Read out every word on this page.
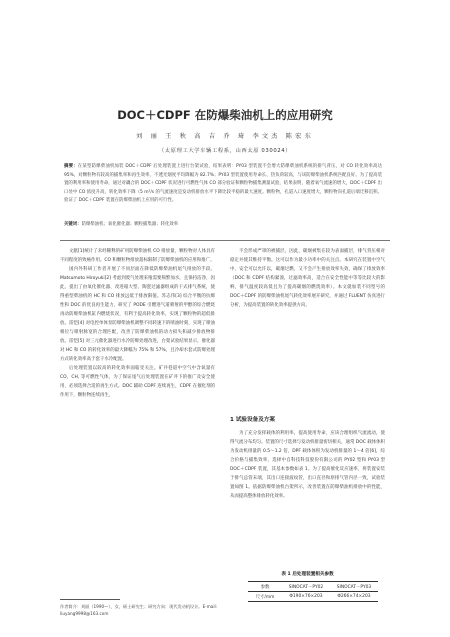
DOC＋CDPF 在防爆柴油机上的应用研究
刘 丽 王 秋 高 吉 乔 琦 李文杰 陈宏东
（太原理工大学车辆工程系，山西太原 030024）
摘要：在某型防爆柴油机加装 DOC＋CDPF 后处理装置上进行台架试验，结果表明：PY03 型装置不会增大防爆柴油机系统的排气背压，对 CO 转化效率高达 95%，对颗粒物有较高的捕集率和再生效率，不透光烟度平均降幅为 82.7%；PY03 型装置使用寿命长、热负荷较高，与该防爆柴油机系统匹配良好。为了提高装置的利用率和使用寿命，通过对耦合的 DOC＋CDPF 状况进行可燃性气体 CO 部分验证和颗粒物捕集测量试验，结果表明，随着氧气流速的增大，DOC＋CDPF 出口处中 CO 浓度升高，转化效率下降（5 m³/s 的气流速度是发动机排放水平下降比较平稳的最大速度。颗粒物，孔道入口速度增大，颗粒物向孔道后端迁移沉积。验证了 DOC＋CDPF 装置在防爆柴油机上应用的可行性。
关键词：防爆柴油机；氧化催化器；颗粒捕集器；转化效率

文献[1]统计了未经稀释的矿用防爆柴油机 CO 排放量，颗粒物对人体具有不同程度的致癌作用。CO 和颗粒物排放超标限制了防爆柴油机的应用和推广。

国内外科研工作者开展了不同层面在降低防爆柴油机尾气排放的手段。Matsumoto Hiroyuki[2] 考虑到废气处理来殖需要频繁加水，且保持洁净，因此，提出了由氧化催化器、改进箱大型、陶瓷过滤器组成的干式排气系统，使得重型柴油机的 HC 和 CO 排放远低于排放限值。苏志伟[3] 综合平衡的抗爆性和 DOC 的优良再生能力，研究了 PODE 引燃进气道喷射的甲醇的综合燃烧再动防爆柴油机缸内燃烧状况，有利于提高转化效率，实现了颗粒物的超低排放。雷恺[4] 对电控单体泵防爆柴油机调整不同转速下的喷油时刻，实现了喷油相位与喷射脉宽的合理匹配，改善了防爆柴油机的动力损失和减少排放物排放。雷恺[5] 对三元催化器进行水冷防爆处理改进，台架试验结果显示，催化器对 HC 和 CO 的转化效率的最大降幅为 75% 和 57%，且冷却水套式防爆处理方式转化效率高于套干水冷配置。

后处理装置以较高的转化效率面临受关注。矿井巷道中空气中含氧量有 CO、CH, 等可燃性气体，为了保证尾气后处理装置在矿井下的推广及安全使用，必须选择合适的再生方式。DOC 辅助 CDPF 连续再生，CDPF 在催化剂的作用下，颗粒物连续再生，

不会形成严罩的被捕层，因此，碳烟被集在较为表面捕层，排气背压相对稳定并使其维持平衡。这可以作为最小功率中的关注点。本研究在装置中空气中、安全可以允许以，碳烟过燃，又不会产生排放效率失效，确保了排放效率（DOC 和 CDPF 结构紧凑，过滤效率高，适合在安全性能中等等比较大的影响，排气温度较高低且为了提高碳烟的燃烧效率）。本文就加装不同型号的 DOC＋CDPF 的防爆柴油机尾气转化效率展开研究，并通过 FLUENT 仿真进行分析，为提高装置的转化效率提供方向。

1 试验设备及方案

为了充分发挥载体的利用率，提高使用寿命，应该合理组织气流流动，使得气流分布均匀。装置的尺寸选择与发动机排量密切相关，通常 DOC 载体体积为发动机排量的 0.5～1.2 倍，DPF 载体体积为发动机排量的 1～4 倍[6]，综合价格与捕集效率，选择中自科技科技股份有限公司的 PY02 型和 PY03 型 DOC＋CDPF 装置，其基本参数如表 1。为了提高催化反应速率，将装置安装于排气总管末端，其出口连接波纹管，出口直径和原排气管内径一致，试验装置如图 1。依据防爆柴油机台架所示，改善装置在防爆柴油机排放中的性能，从而提高整体排放转化效率。

表 1 后处理装置相关参数
参数	SINOCAT－PY02	SINOCAT－PY03
尺寸/mm	Φ190×76×203	Φ266×74×203
作者简介：刘丽（1990—），女，硕士研究生；研究方向：现代发动机设计。E-mail: liuyang9998@163.com
